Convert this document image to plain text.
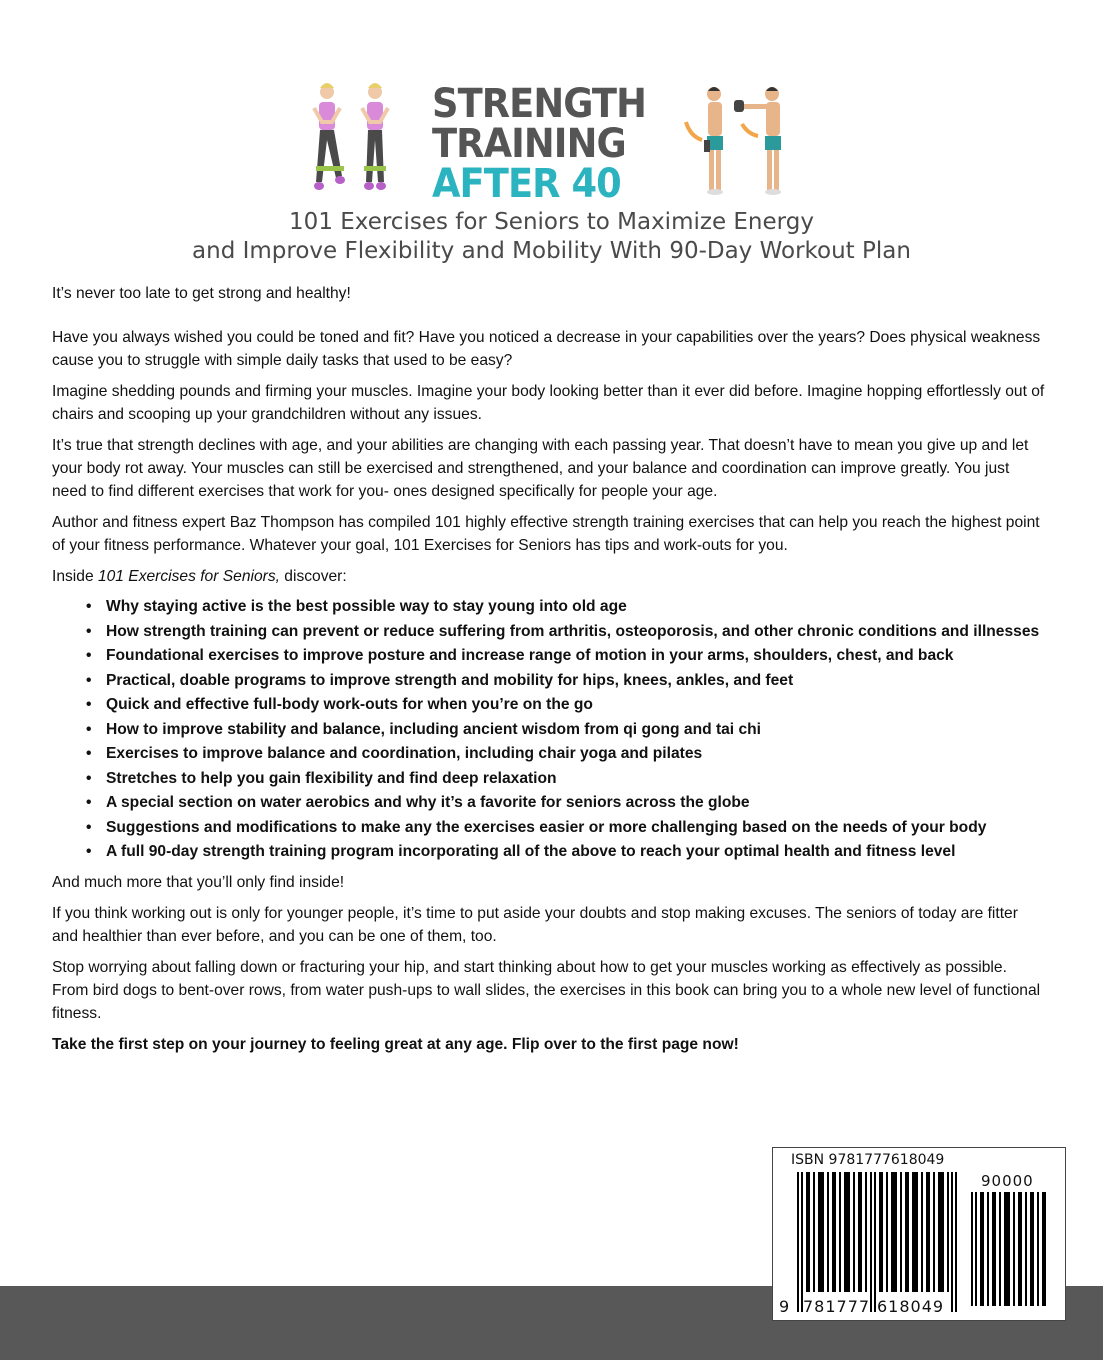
STRENGTH
TRAINING
AFTER 40
101 Exercises for Seniors to Maximize Energy
and Improve Flexibility and Mobility With 90-Day Workout Plan

It’s never too late to get strong and healthy!

Have you always wished you could be toned and fit? Have you noticed a decrease in your capabilities over the years? Does physical weakness cause you to struggle with simple daily tasks that used to be easy?

Imagine shedding pounds and firming your muscles. Imagine your body looking better than it ever did before. Imagine hopping effortlessly out of chairs and scooping up your grandchildren without any issues.

It’s true that strength declines with age, and your abilities are changing with each passing year. That doesn’t have to mean you give up and let your body rot away. Your muscles can still be exercised and strengthened, and your balance and coordination can improve greatly. You just need to find different exercises that work for you- ones designed specifically for people your age.

Author and fitness expert Baz Thompson has compiled 101 highly effective strength training exercises that can help you reach the highest point of your fitness performance. Whatever your goal, 101 Exercises for Seniors has tips and work-outs for you.

Inside 101 Exercises for Seniors, discover:

• Why staying active is the best possible way to stay young into old age
• How strength training can prevent or reduce suffering from arthritis, osteoporosis, and other chronic conditions and illnesses
• Foundational exercises to improve posture and increase range of motion in your arms, shoulders, chest, and back
• Practical, doable programs to improve strength and mobility for hips, knees, ankles, and feet
• Quick and effective full-body work-outs for when you’re on the go
• How to improve stability and balance, including ancient wisdom from qi gong and tai chi
• Exercises to improve balance and coordination, including chair yoga and pilates
• Stretches to help you gain flexibility and find deep relaxation
• A special section on water aerobics and why it’s a favorite for seniors across the globe
• Suggestions and modifications to make any the exercises easier or more challenging based on the needs of your body
• A full 90-day strength training program incorporating all of the above to reach your optimal health and fitness level

And much more that you’ll only find inside!

If you think working out is only for younger people, it’s time to put aside your doubts and stop making excuses. The seniors of today are fitter and healthier than ever before, and you can be one of them, too.

Stop worrying about falling down or fracturing your hip, and start thinking about how to get your muscles working as effectively as possible. From bird dogs to bent-over rows, from water push-ups to wall slides, the exercises in this book can bring you to a whole new level of functional fitness.

Take the first step on your journey to feeling great at any age. Flip over to the first page now!

ISBN 9781777618049
90000
9 781777 618049
